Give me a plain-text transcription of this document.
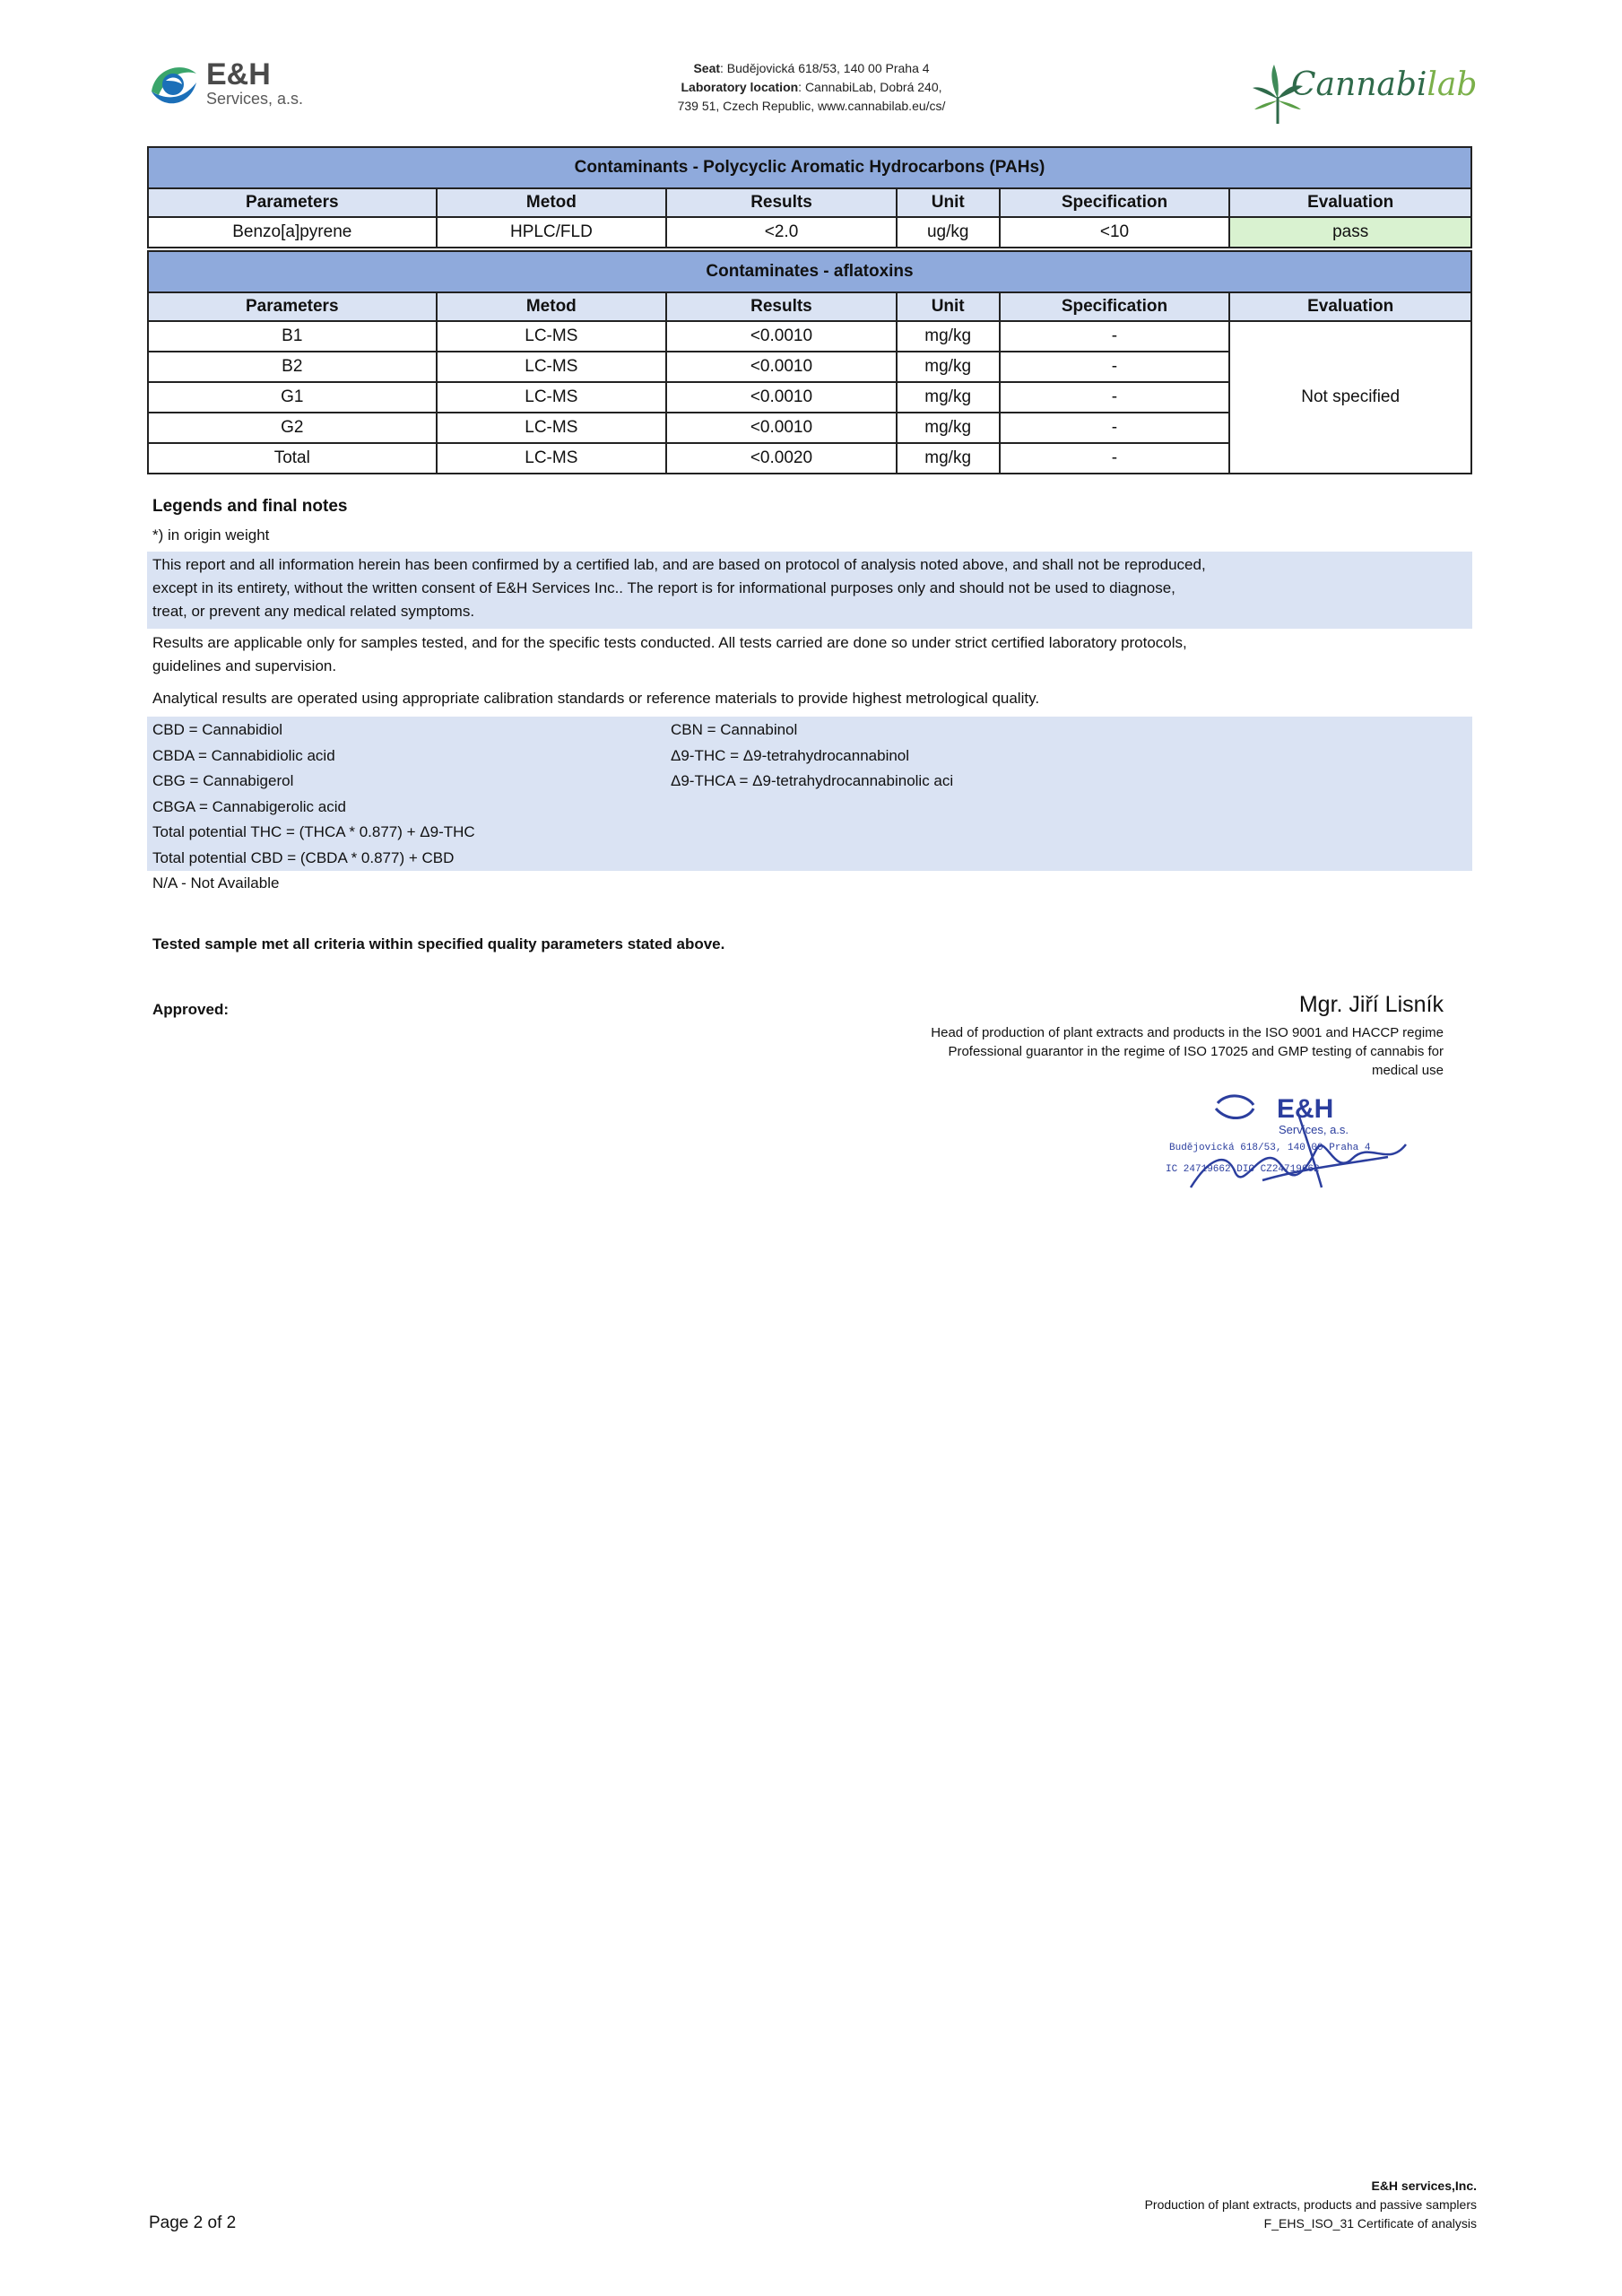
E&H
Services, a.s.
Seat: Budějovická 618/53, 140 00 Praha 4
Laboratory location: CannabiLab, Dobrá 240,
739 51, Czech Republic, www.cannabilab.eu/cs/
Cannabilab
Contaminants - Polycyclic Aromatic Hydrocarbons (PAHs)					
Parameters	Metod	Results	Unit	Specification	Evaluation
Benzo[a]pyrene	HPLC/FLD	<2.0	ug/kg	<10	pass
Contaminates - aflatoxins					
Parameters	Metod	Results	Unit	Specification	Evaluation
B1	LC-MS	<0.0010	mg/kg	-	Not specified
B2	LC-MS	<0.0010	mg/kg	-	
G1	LC-MS	<0.0010	mg/kg	-	
G2	LC-MS	<0.0010	mg/kg	-	
Total	LC-MS	<0.0020	mg/kg	-	
Legends and final notes
*) in origin weight
This report and all information herein has been confirmed by a certified lab, and are based on protocol of analysis noted above, and shall not be reproduced,
except in its entirety, without the written consent of E&H Services Inc.. The report is for informational purposes only and should not be used to diagnose,
treat, or prevent any medical related symptoms.
Results are applicable only for samples tested, and for the specific tests conducted. All tests carried are done so under strict certified laboratory protocols,
guidelines and supervision.
Analytical results are operated using appropriate calibration standards or reference materials to provide highest metrological quality.
CBD = Cannabidiol
CBDA = Cannabidiolic acid
CBG = Cannabigerol
CBGA = Cannabigerolic acid
Total potential THC = (THCA * 0.877) + Δ9-THC
Total potential CBD = (CBDA * 0.877) + CBD
N/A - Not Available
CBN = Cannabinol
Δ9-THC = Δ9-tetrahydrocannabinol
Δ9-THCA = Δ9-tetrahydrocannabinolic aci
Tested sample met all criteria within specified quality parameters stated above.
Approved:	Mgr. Jiří Lisník
Head of production of plant extracts and products in the ISO 9001 and HACCP regime
Professional guarantor in the regime of ISO 17025 and GMP testing of cannabis for
medical use
E&H
Services, a.s.
Budějovická 618/53, 140 00 Praha 4
IC 24719662 DIC CZ24719662
Page 2 of 2
E&H services,Inc.
Production of plant extracts, products and passive samplers
F_EHS_ISO_31 Certificate of analysis
